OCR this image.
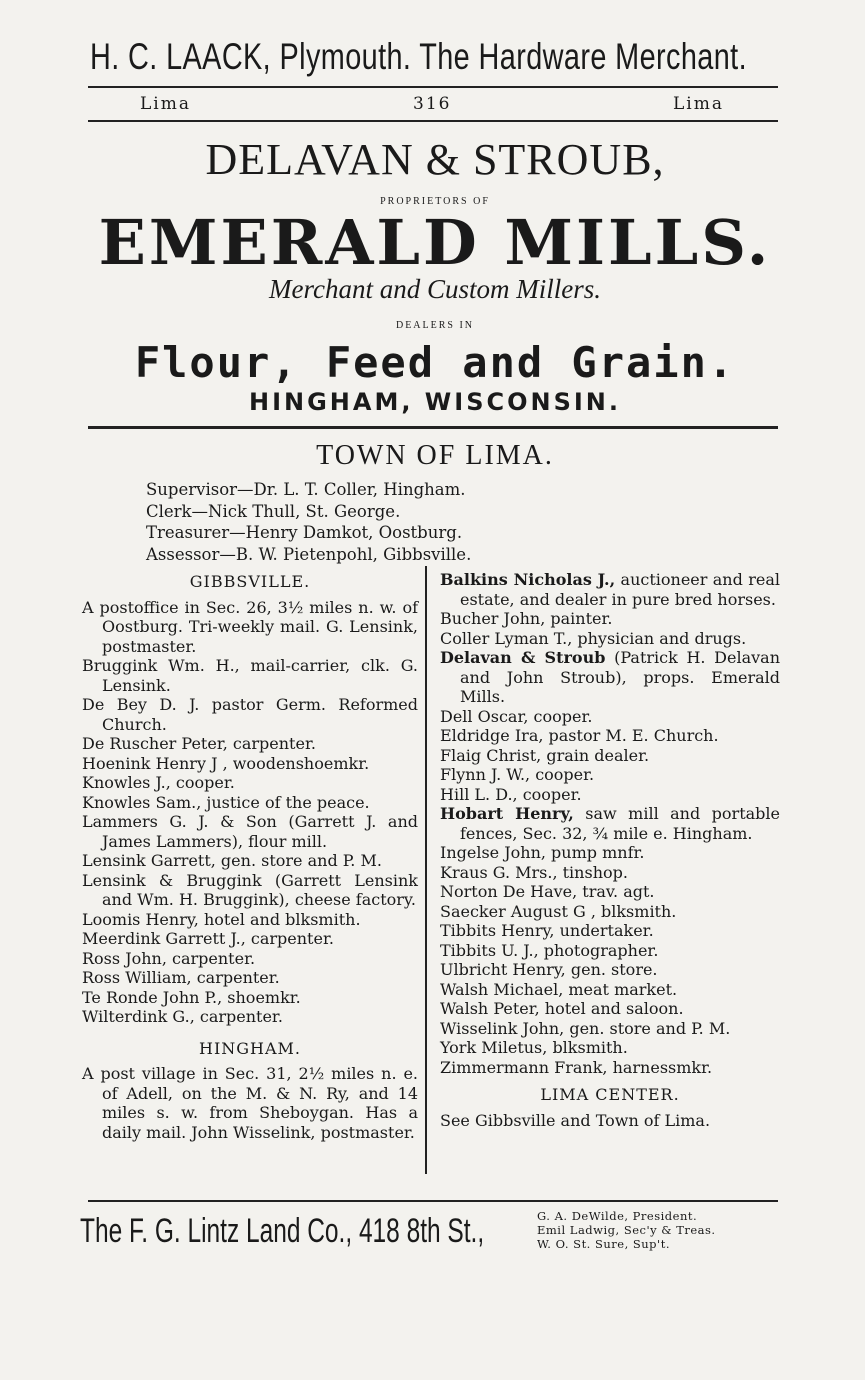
H. C. LAACK, Plymouth. The Hardware Merchant.
Lima	316	Lima
DELAVAN & STROUB,
PROPRIETORS OF
EMERALD MILLS.
Merchant and Custom Millers.
DEALERS IN
Flour, Feed and Grain.
HINGHAM, WISCONSIN.
TOWN OF LIMA.
Supervisor—Dr. L. T. Coller, Hingham.
Clerk—Nick Thull, St. George.
Treasurer—Henry Damkot, Oostburg.
Assessor—B. W. Pietenpohl, Gibbsville.
GIBBSVILLE.
A postoffice in Sec. 26, 3½ miles n. w. of Oostburg. Tri-weekly mail. G. Lensink, postmaster.
Bruggink Wm. H., mail-carrier, clk. G. Lensink.
De Bey D. J. pastor Germ. Reformed Church.
De Ruscher Peter, carpenter.
Hoenink Henry J , woodenshoemkr.
Knowles J., cooper.
Knowles Sam., justice of the peace.
Lammers G. J. & Son (Garrett J. and James Lammers), flour mill.
Lensink Garrett, gen. store and P. M.
Lensink & Bruggink (Garrett Lensink and Wm. H. Bruggink), cheese factory.
Loomis Henry, hotel and blksmith.
Meerdink Garrett J., carpenter.
Ross John, carpenter.
Ross William, carpenter.
Te Ronde John P., shoemkr.
Wilterdink G., carpenter.
HINGHAM.
A post village in Sec. 31, 2½ miles n. e. of Adell, on the M. & N. Ry, and 14 miles s. w. from Sheboygan. Has a daily mail. John Wisselink, postmaster.
Balkins Nicholas J., auctioneer and real estate, and dealer in pure bred horses.
Bucher John, painter.
Coller Lyman T., physician and drugs.
Delavan & Stroub (Patrick H. Delavan and John Stroub), props. Emerald Mills.
Dell Oscar, cooper.
Eldridge Ira, pastor M. E. Church.
Flaig Christ, grain dealer.
Flynn J. W., cooper.
Hill L. D., cooper.
Hobart Henry, saw mill and portable fences, Sec. 32, ¾ mile e. Hingham.
Ingelse John, pump mnfr.
Kraus G. Mrs., tinshop.
Norton De Have, trav. agt.
Saecker August G , blksmith.
Tibbits Henry, undertaker.
Tibbits U. J., photographer.
Ulbricht Henry, gen. store.
Walsh Michael, meat market.
Walsh Peter, hotel and saloon.
Wisselink John, gen. store and P. M.
York Miletus, blksmith.
Zimmermann Frank, harnessmkr.
LIMA CENTER.
See Gibbsville and Town of Lima.
The F. G. Lintz Land Co., 418 8th St.,	G. A. DeWilde, President.
Emil Ladwig, Sec'y & Treas.
W. O. St. Sure, Sup't.
